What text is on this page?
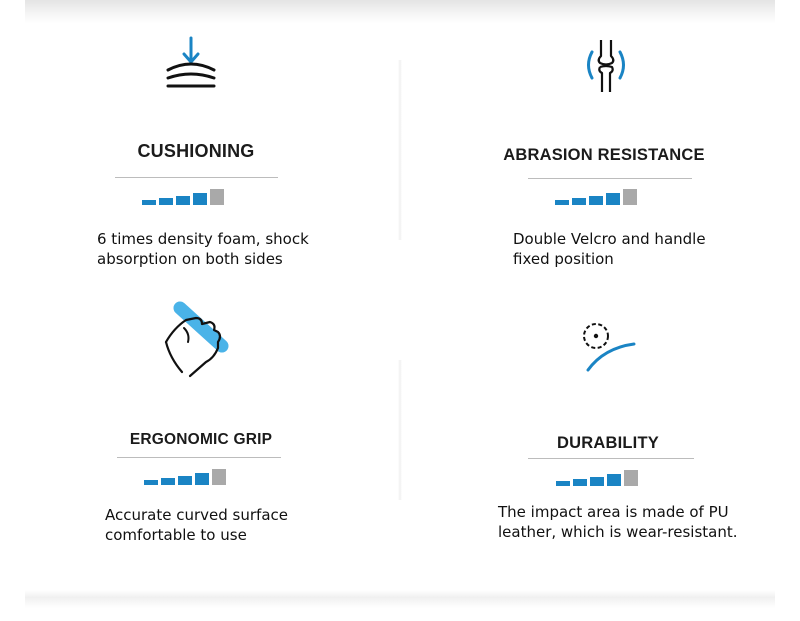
CUSHIONING
6 times density foam, shock
absorption on both sides
ABRASION RESISTANCE
Double Velcro and handle
fixed position
ERGONOMIC GRIP
Accurate curved surface
comfortable to use
DURABILITY
The impact area is made of PU
leather, which is wear-resistant.
